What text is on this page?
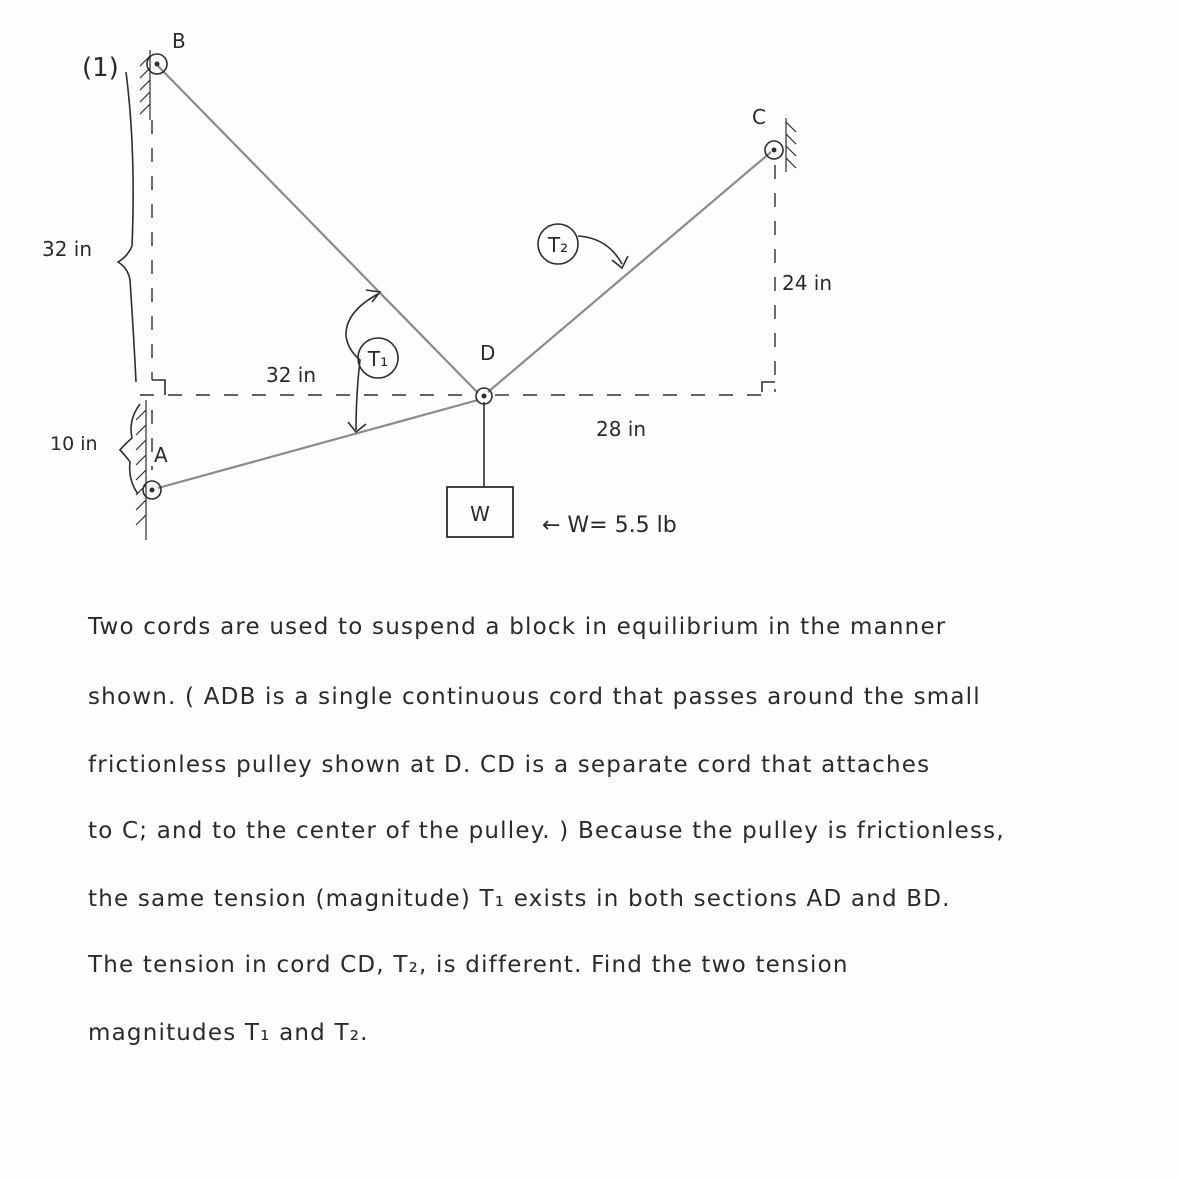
W
B
(1)
C
D
A
32 in
24 in
32 in
28 in
10 in
T₁
T₂
← W= 5.5 lb
Two cords are used to suspend a block in equilibrium in the manner
shown. ( ADB is a single continuous cord that passes around the small
frictionless pulley shown at D. CD is a separate cord that attaches
to C; and to the center of the pulley. ) Because the pulley is frictionless,
the same tension (magnitude) T₁ exists in both sections AD and BD.
The tension in cord CD, T₂, is different. Find the two tension
magnitudes T₁ and T₂.
